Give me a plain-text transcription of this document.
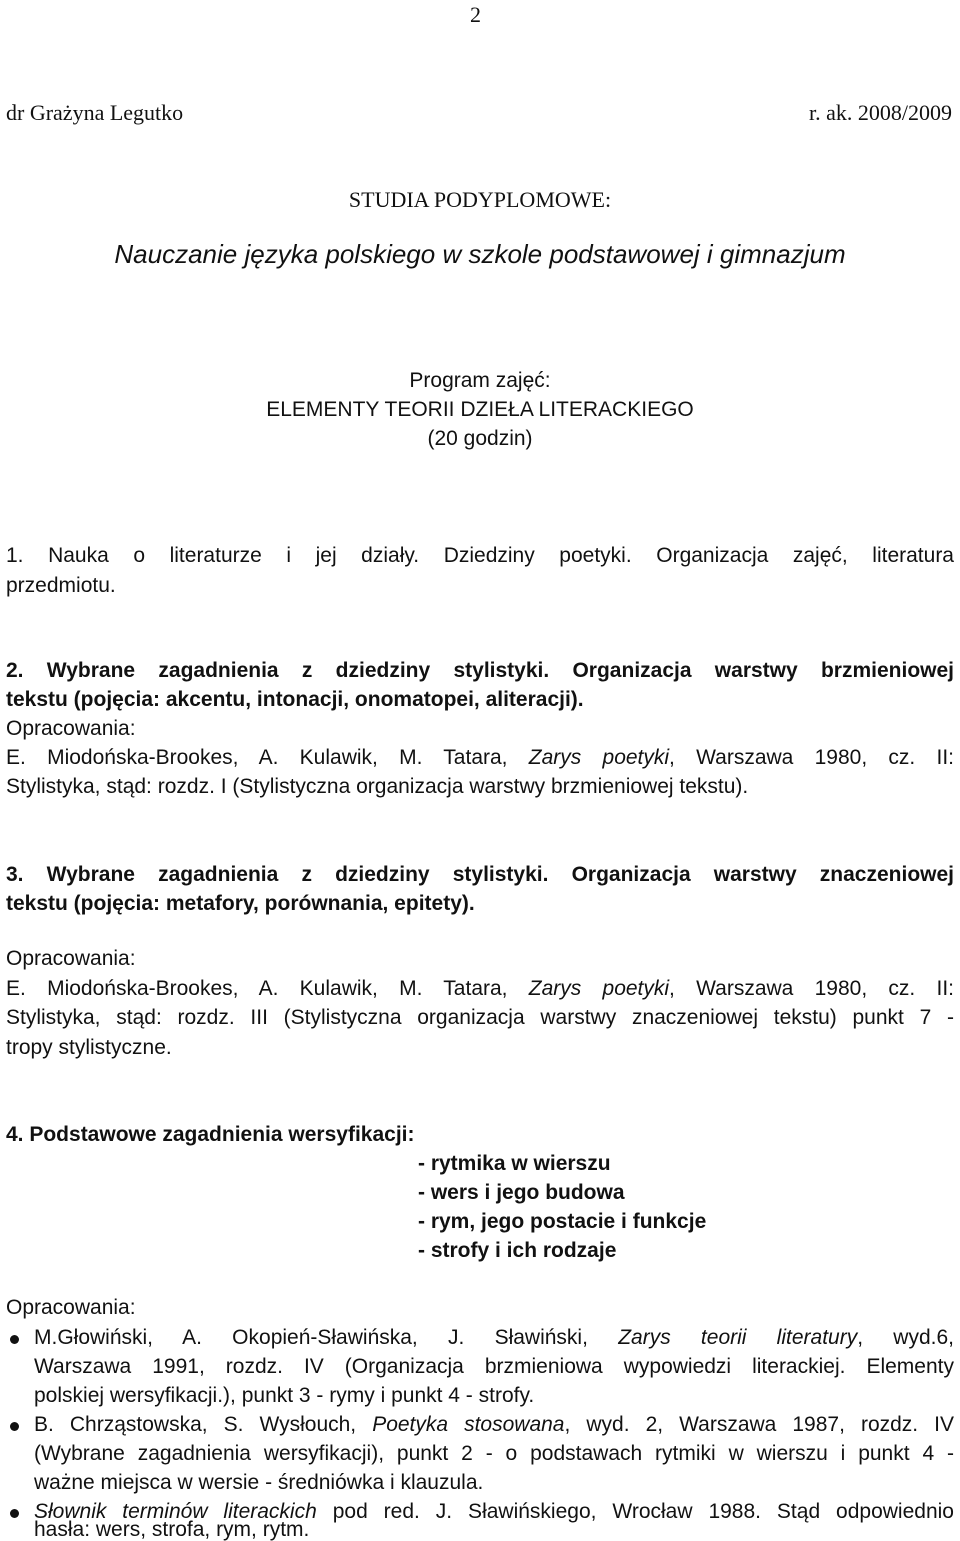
2
dr Grażyna Legutko	r. ak. 2008/2009
STUDIA PODYPLOMOWE:
Nauczanie języka polskiego w szkole podstawowej i gimnazjum
Program zajęć:
ELEMENTY TEORII DZIEŁA LITERACKIEGO
(20 godzin)
1. Nauka o literaturze i jej działy. Dziedziny poetyki. Organizacja zajęć, literatura
przedmiotu.
2. Wybrane zagadnienia z dziedziny stylistyki. Organizacja warstwy brzmieniowej
tekstu (pojęcia: akcentu, intonacji, onomatopei, aliteracji).
Opracowania:
E. Miodońska-Brookes, A. Kulawik, M. Tatara, Zarys poetyki, Warszawa 1980, cz. II:
Stylistyka, stąd: rozdz. I (Stylistyczna organizacja warstwy brzmieniowej tekstu).
3. Wybrane zagadnienia z dziedziny stylistyki. Organizacja warstwy znaczeniowej
tekstu (pojęcia: metafory, porównania, epitety).
Opracowania:
E. Miodońska-Brookes, A. Kulawik, M. Tatara, Zarys poetyki, Warszawa 1980, cz. II:
Stylistyka, stąd: rozdz. III (Stylistyczna organizacja warstwy znaczeniowej tekstu) punkt 7 -
tropy stylistyczne.
4. Podstawowe zagadnienia wersyfikacji:
- rytmika w wierszu
- wers i jego budowa
- rym, jego postacie i funkcje
- strofy i ich rodzaje
Opracowania:
M.Głowiński, A. Okopień-Sławińska, J. Sławiński, Zarys teorii literatury, wyd.6,
Warszawa 1991, rozdz. IV (Organizacja brzmieniowa wypowiedzi literackiej. Elementy
polskiej wersyfikacji.), punkt 3 - rymy i punkt 4 - strofy.
B. Chrząstowska, S. Wysłouch, Poetyka stosowana, wyd. 2, Warszawa 1987, rozdz. IV
(Wybrane zagadnienia wersyfikacji), punkt 2 - o podstawach rytmiki w wierszu i punkt 4 -
ważne miejsca w wersie - średniówka i klauzula.
Słownik terminów literackich pod red. J. Sławińskiego, Wrocław 1988. Stąd odpowiednio
hasła: wers, strofa, rym, rytm.
